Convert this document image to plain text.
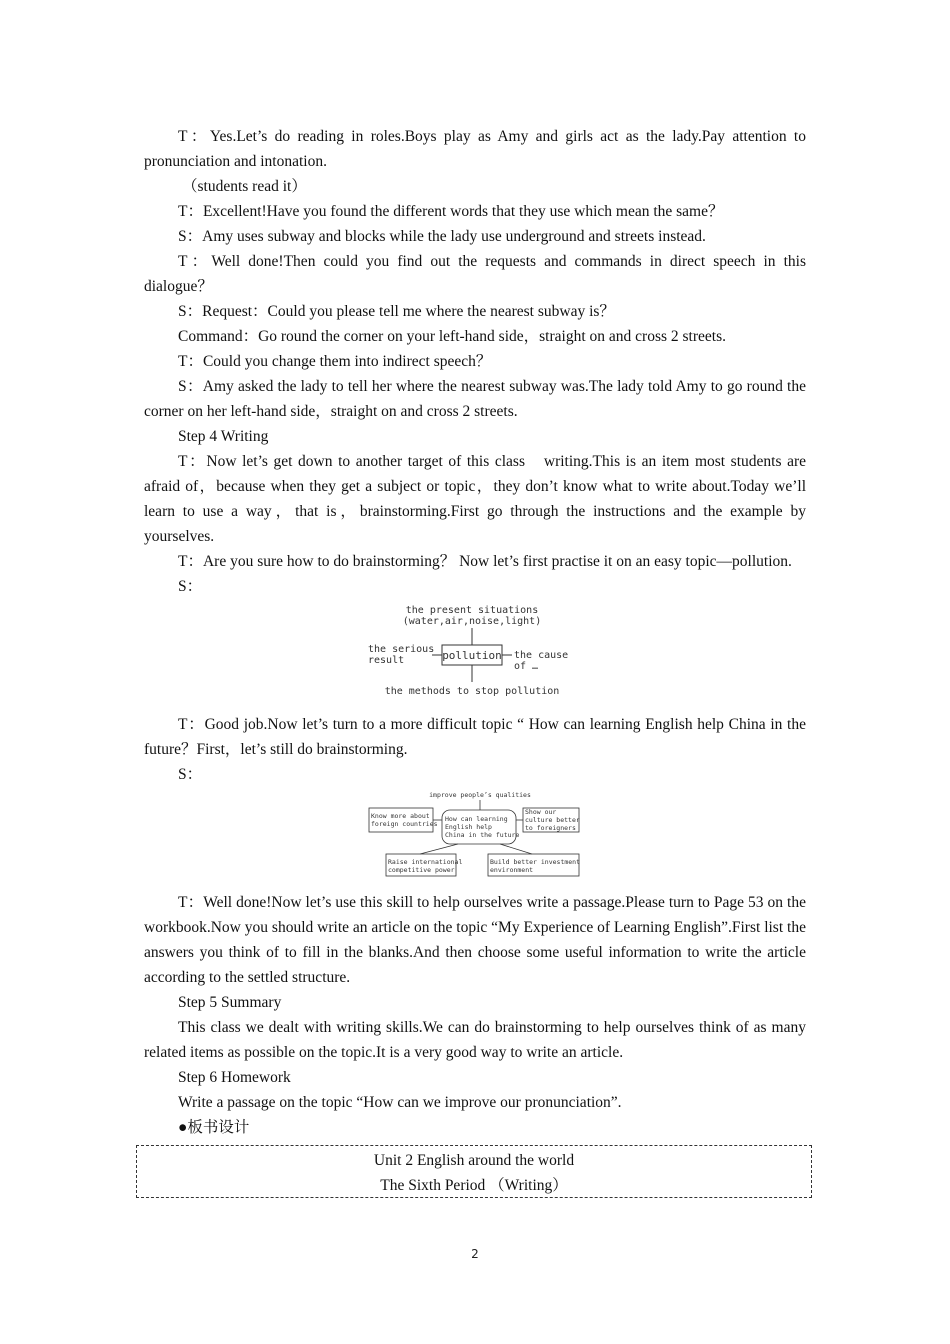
T：Yes.Let’s do reading in roles.Boys play as Amy and girls act as the lady.Pay attention to pronunciation and intonation.

（students read it）

T：Excellent!Have you found the different words that they use which mean the same？

S：Amy uses subway and blocks while the lady use underground and streets instead.

T：Well done!Then could you find out the requests and commands in direct speech in this dialogue？

S：Request：Could you please tell me where the nearest subway is？

Command：Go round the corner on your left-hand side，straight on and cross 2 streets.

T：Could you change them into indirect speech？

S：Amy asked the lady to tell her where the nearest subway was.The lady told Amy to go round the corner on her left-hand side，straight on and cross 2 streets.

Step 4 Writing

T：Now let’s get down to another target of this class　writing.This is an item most students are afraid of，because when they get a subject or topic，they don’t know what to write about.Today we’ll learn to use a way，that is，brainstorming.First go through the instructions and the example by yourselves.

T：Are you sure how to do brainstorming？ Now let’s first practise it on an easy topic—pollution.

S：

the present situations
(water,air,noise,light)
pollution
the serious
result	the cause
of …
the methods to stop pollution

T：Good job.Now let’s turn to a more difficult topic “ How can learning English help China in the future？First，let’s still do brainstorming.

S：

improve people’s qualities
How can learning
English help
China in the future
Know more about
foreign countries
Show our
culture better
to foreigners
Raise international
competitive power
Build better investment
environment

T：Well done!Now let’s use this skill to help ourselves write a passage.Please turn to Page 53 on the workbook.Now you should write an article on the topic “My Experience of Learning English”.First list the answers you think of to fill in the blanks.And then choose some useful information to write the article according to the settled structure.

Step 5 Summary

This class we dealt with writing skills.We can do brainstorming to help ourselves think of as many related items as possible on the topic.It is a very good way to write an article.

Step 6 Homework

Write a passage on the topic “How can we improve our pronunciation”.

●板书设计

Unit 2 English around the world
The Sixth Period （Writing）
2
